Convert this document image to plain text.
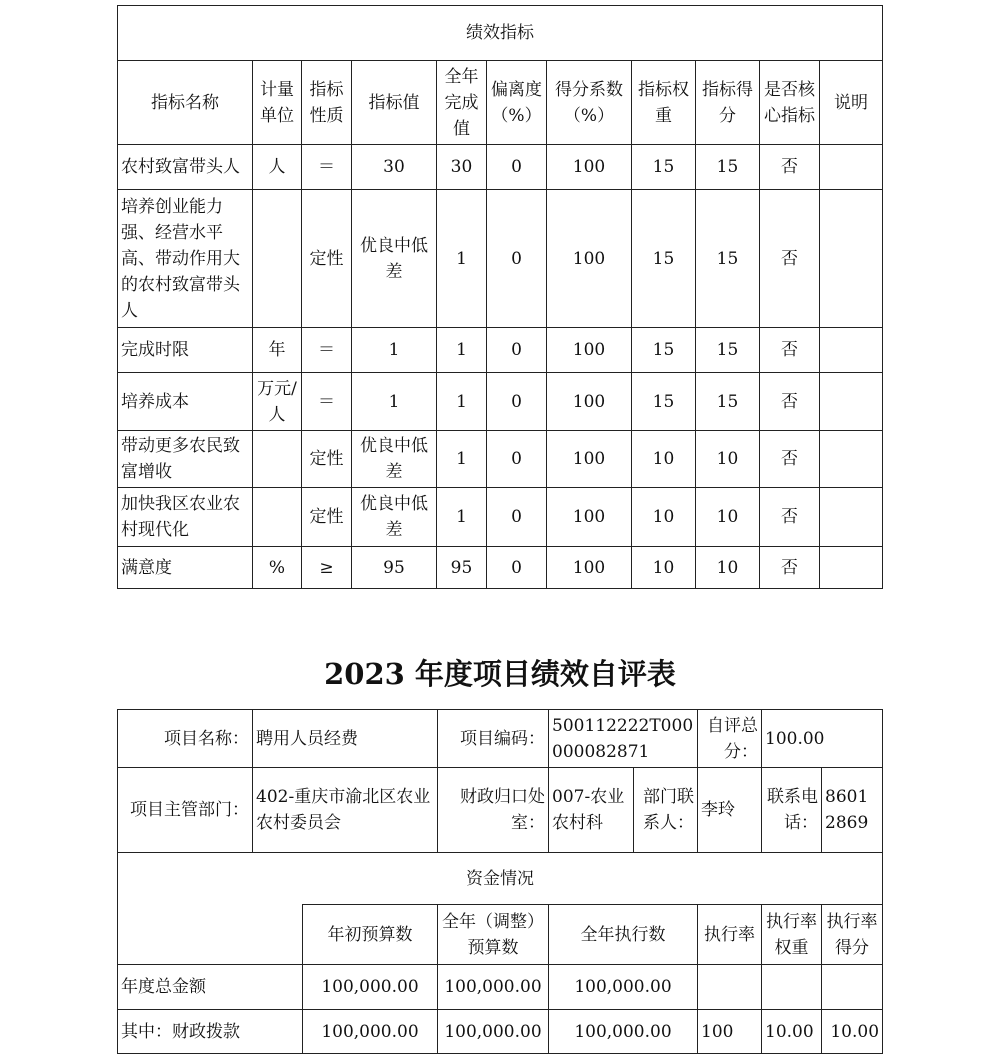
绩效指标										
指标名称	计量单位	指标性质	指标值	全年完成值	偏离度（%）	得分系数（%）	指标权重	指标得分	是否核心指标	说明
农村致富带头人	人	＝	30	30	0	100	15	15	否	
培养创业能力强、经营水平高、带动作用大的农村致富带头人		定性	优良中低差	1	0	100	15	15	否	
完成时限	年	＝	1	1	0	100	15	15	否	
培养成本	万元/人	＝	1	1	0	100	15	15	否	
带动更多农民致富增收		定性	优良中低差	1	0	100	10	10	否	
加快我区农业农村现代化		定性	优良中低差	1	0	100	10	10	否	
满意度	%	≥	95	95	0	100	10	10	否	
2023 年度项目绩效自评表
项目名称：	聘用人员经费		项目编码：	500112222T000000082871		自评总分：	100.00	
项目主管部门：	402-重庆市渝北区农业农村委员会		财政归口处室：	007-农业农村科	部门联系人：	李玲	联系电话：	86012869
资金情况								
		年初预算数	全年（调整）预算数	全年执行数		执行率	执行率权重	执行率得分
年度总金额		100,000.00	100,000.00	100,000.00				
其中：财政拨款		100,000.00	100,000.00	100,000.00		100	10.00	10.00
